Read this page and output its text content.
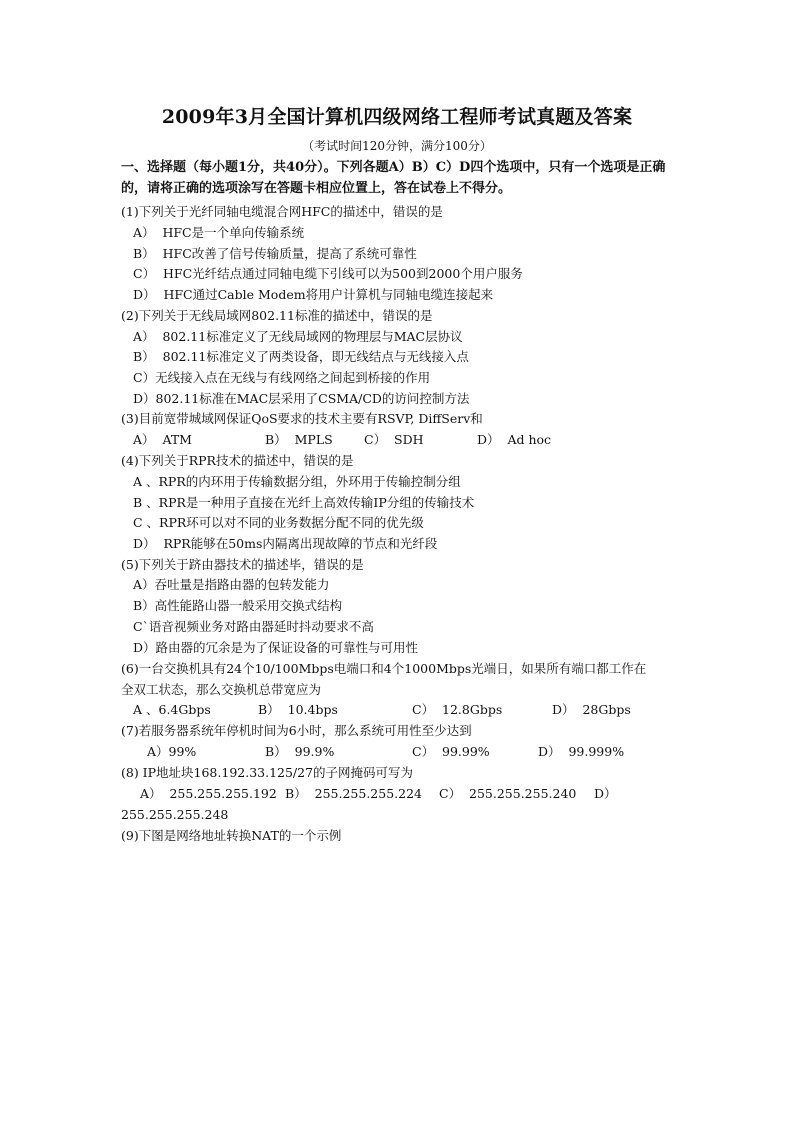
2009年3月全国计算机四级网络工程师考试真题及答案
（考试时间120分钟，满分100分）
一、选择题（每小题1分，共40分）。下列各题A）B）C）D四个选项中，只有一个选项是正确的，请将正确的选项涂写在答题卡相应位置上，答在试卷上不得分。
(1)下列关于光纤同轴电缆混合网HFC的描述中，错误的是
A）  HFC是一个单向传输系统
B）  HFC改善了信号传输质量，提高了系统可靠性
C）  HFC光纤结点通过同轴电缆下引线可以为500到2000个用户服务
D）  HFC通过Cable Modem将用户计算机与同轴电缆连接起来
(2)下列关于无线局域网802.11标准的描述中，错误的是
A）  802.11标准定义了无线局域网的物理层与MAC层协议
B）  802.11标准定义了两类设备，即无线结点与无线接入点
C）无线接入点在无线与有线网络之间起到桥接的作用
D）802.11标准在MAC层采用了CSMA/CD的访问控制方法
(3)目前宽带城域网保证QoS要求的技术主要有RSVP, DiffServ和
A）  ATM	B）  MPLS	C）  SDH	D）  Ad hoc
(4)下列关于RPR技术的描述中，错误的是
A 、RPR的内环用于传输数据分组，外环用于传输控制分组
B 、RPR是一种用子直接在光纤上高效传输IP分组的传输技术
C 、RPR环可以对不同的业务数据分配不同的优先级
D）  RPR能够在50ms内隔离出现故障的节点和光纤段
(5)下列关于跻由器技术的描述毕，错误的是
A）吞吐量是指路由器的包转发能力
B）高性能路山器一般采用交换式结构
C`语音视频业务对路由器延时抖动要求不高
D）路由器的冗余是为了保证设备的可靠性与可用性
(6)一台交换机具有24个10/100Mbps电端口和4个1000Mbps光端日，如果所有端口都工作在
全双工状态，那么交换机总带宽应为
A 、6.4Gbps	B）  10.4bps	C）  12.8Gbps	D）  28Gbps
(7)若服务器系统年停机时间为6小时，那么系统可用性至少达到
A）99%	B）  99.9%	C）  99.99%	D）  99.999%
(8) IP地址块168.192.33.125/27的子网掩码可写为
A）  255.255.255.192 B）  255.255.255.224 C）  255.255.255.240 D）
255.255.255.248
(9)下图是网络地址转换NAT的一个示例
